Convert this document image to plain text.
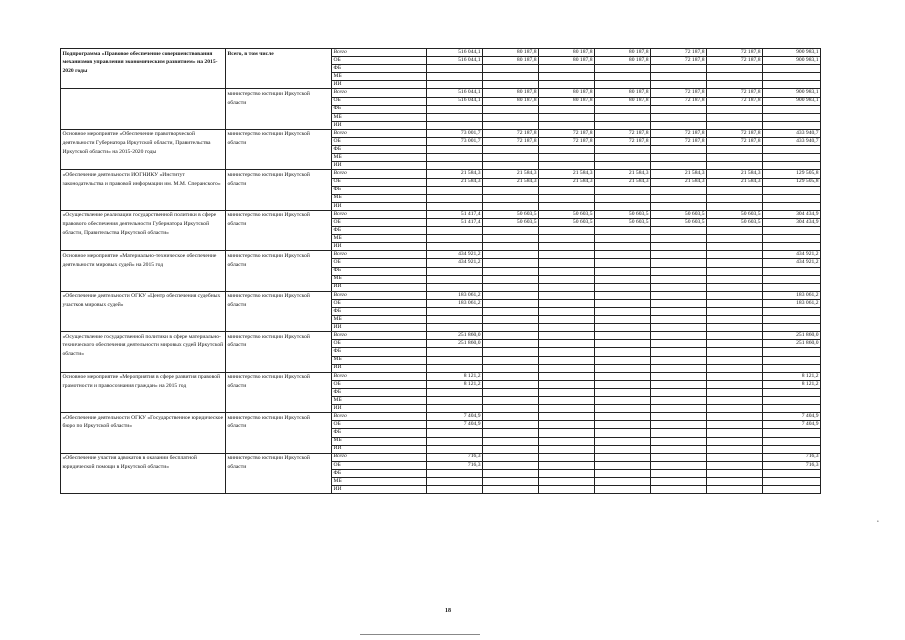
Подпрограмма «Правовое обеспечение совершенствования механизмов управления экономическим развитием» на 2015-2020 годы	Всего, в том числе	Всего	516 044,1	80 187,8	80 187,8	80 187,8	72 187,8	72 187,8	900 983,1
		ОБ	516 044,1	80 187,8	80 187,8	80 187,8	72 187,8	72 187,8	900 983,1
		ФБ							
		МБ							
		ИИ							
	министерство юстиции Иркутской области	Всего	516 044,1	80 187,8	80 187,8	80 187,8	72 187,8	72 187,8	900 983,1
		ОБ	516 044,1	80 187,8	80 187,8	80 187,8	72 187,8	72 187,8	900 983,1
		ФБ							
		МБ							
		ИИ							
Основное мероприятие «Обеспечение правотворческой деятельности Губернатора Иркутской области, Правительства Иркутской области» на 2015-2020 годы	министерство юстиции Иркутской области	Всего	73 001,7	72 187,8	72 187,8	72 187,8	72 187,8	72 187,8	433 940,7
		ОБ	73 001,7	72 187,8	72 187,8	72 187,8	72 187,8	72 187,8	433 940,7
		ФБ							
		МБ							
		ИИ							
«Обеспечение деятельности ИОГНИКУ «Институт законодательства и правовой информации им. М.М. Сперанского»	министерство юстиции Иркутской области	Всего	21 584,3	21 584,3	21 584,3	21 584,3	21 584,3	21 584,3	129 505,8
		ОБ	21 584,3	21 584,3	21 584,3	21 584,3	21 584,3	21 584,3	129 505,8
		ФБ							
		МБ							
		ИИ							
«Осуществление реализации государственной политики в сфере правового обеспечения деятельности Губернатора Иркутской области, Правительства Иркутской области»	министерство юстиции Иркутской области	Всего	51 417,4	50 603,5	50 603,5	50 603,5	50 603,5	50 603,5	304 434,9
		ОБ	51 417,4	50 603,5	50 603,5	50 603,5	50 603,5	50 603,5	304 434,9
		ФБ							
		МБ							
		ИИ							
Основное мероприятие «Материально-техническое обеспечение деятельности мировых судей» на 2015 год	министерство юстиции Иркутской области	Всего	434 921,2						434 921,2
		ОБ	434 921,2						434 921,2
		ФБ							
		МБ							
		ИИ							
«Обеспечение деятельности ОГКУ «Центр обеспечения судебных участков мировых судей»	министерство юстиции Иркутской области	Всего	183 061,2						183 061,2
		ОБ	183 061,2						183 061,2
		ФБ							
		МБ							
		ИИ							
«Осуществление государственной политики в сфере материально-технического обеспечения деятельности мировых судей Иркутской области»	министерство юстиции Иркутской области	Всего	251 860,0						251 860,0
		ОБ	251 860,0						251 860,0
		ФБ							
		МБ							
		ИИ							
Основное мероприятие «Мероприятия в сфере развития правовой грамотности и правосознания граждан» на 2015 год	министерство юстиции Иркутской области	Всего	8 121,2						8 121,2
		ОБ	8 121,2						8 121,2
		ФБ							
		МБ							
		ИИ							
«Обеспечение деятельности ОГКУ «Государственное юридическое бюро по Иркутской области»	министерство юстиции Иркутской области	Всего	7 404,9						7 404,9
		ОБ	7 404,9						7 404,9
		ФБ							
		МБ							
		ИИ							
«Обеспечение участия адвокатов в оказании бесплатной юридической помощи в Иркутской области»	министерство юстиции Иркутской области	Всего	716,3						716,3
		ОБ	716,3						716,3
		ФБ							
		МБ							
		ИИ							
18
•
